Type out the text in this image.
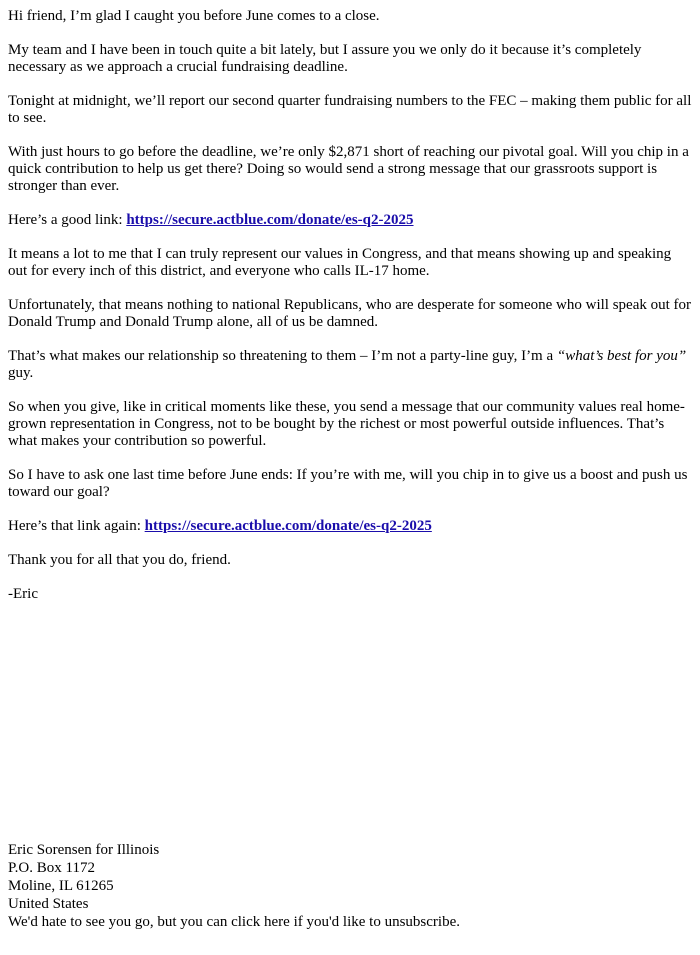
Hi friend, I’m glad I caught you before June comes to a close.

My team and I have been in touch quite a bit lately, but I assure you we only do it because it’s completely necessary as we approach a crucial fundraising deadline.

Tonight at midnight, we’ll report our second quarter fundraising numbers to the FEC – making them public for all to see.

With just hours to go before the deadline, we’re only $2,871 short of reaching our pivotal goal. Will you chip in a quick contribution to help us get there? Doing so would send a strong message that our grassroots support is stronger than ever.

Here’s a good link: https://secure.actblue.com/donate/es-q2-2025

It means a lot to me that I can truly represent our values in Congress, and that means showing up and speaking out for every inch of this district, and everyone who calls IL-17 home.

Unfortunately, that means nothing to national Republicans, who are desperate for someone who will speak out for Donald Trump and Donald Trump alone, all of us be damned.

That’s what makes our relationship so threatening to them – I’m not a party-line guy, I’m a “what’s best for you” guy.

So when you give, like in critical moments like these, you send a message that our community values real home-grown representation in Congress, not to be bought by the richest or most powerful outside influences. That’s what makes your contribution so powerful.

So I have to ask one last time before June ends: If you’re with me, will you chip in to give us a boost and push us toward our goal?

Here’s that link again: https://secure.actblue.com/donate/es-q2-2025

Thank you for all that you do, friend.

-Eric

Eric Sorensen for Illinois
P.O. Box 1172
Moline, IL 61265
United States
We'd hate to see you go, but you can click here if you'd like to unsubscribe.
